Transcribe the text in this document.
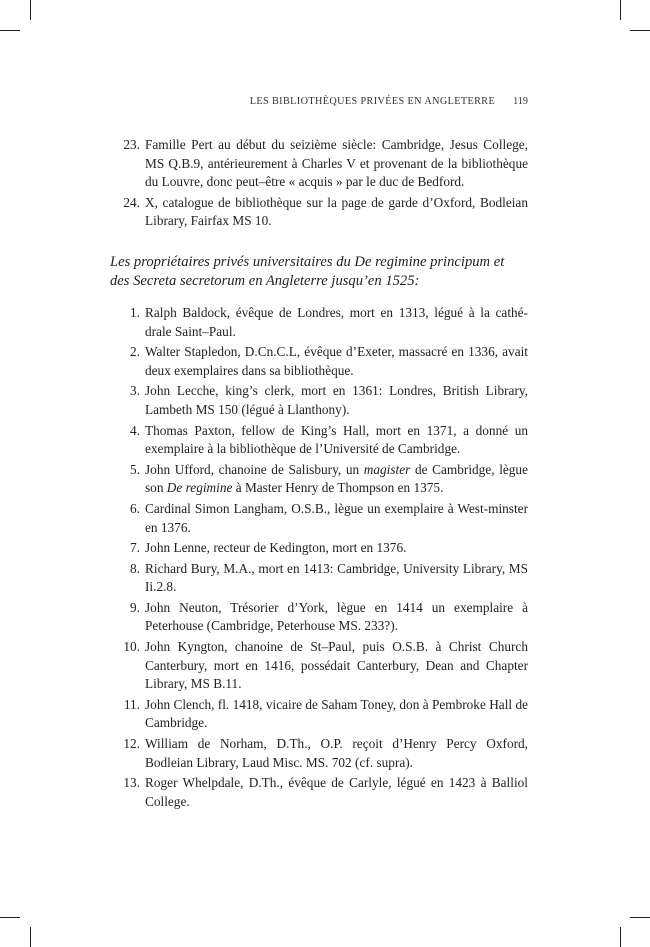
LES BIBLIOTHÈQUES PRIVÉES EN ANGLETERRE 119
23. Famille Pert au début du seizième siècle: Cambridge, Jesus College, MS Q.B.9, antérieurement à Charles V et provenant de la bibliothèque du Louvre, donc peut–être « acquis » par le duc de Bedford.
24. X, catalogue de bibliothèque sur la page de garde d’Oxford, Bodleian Library, Fairfax MS 10.

Les propriétaires privés universitaires du De regimine principum et des Secreta secretorum en Angleterre jusqu’en 1525:

1. Ralph Baldock, évêque de Londres, mort en 1313, légué à la cathé-drale Saint–Paul.
2. Walter Stapledon, D.Cn.C.L, évêque d’Exeter, massacré en 1336, avait deux exemplaires dans sa bibliothèque.
3. John Lecche, king’s clerk, mort en 1361: Londres, British Library, Lambeth MS 150 (légué à Llanthony).
4. Thomas Paxton, fellow de King’s Hall, mort en 1371, a donné un exemplaire à la bibliothèque de l’Université de Cambridge.
5. John Ufford, chanoine de Salisbury, un magister de Cambridge, lègue son De regimine à Master Henry de Thompson en 1375.
6. Cardinal Simon Langham, O.S.B., lègue un exemplaire à West-minster en 1376.
7. John Lenne, recteur de Kedington, mort en 1376.
8. Richard Bury, M.A., mort en 1413: Cambridge, University Library, MS Ii.2.8.
9. John Neuton, Trésorier d’York, lègue en 1414 un exemplaire à Peterhouse (Cambridge, Peterhouse MS. 233?).
10. John Kyngton, chanoine de St–Paul, puis O.S.B. à Christ Church Canterbury, mort en 1416, possédait Canterbury, Dean and Chapter Library, MS B.11.
11. John Clench, fl. 1418, vicaire de Saham Toney, don à Pembroke Hall de Cambridge.
12. William de Norham, D.Th., O.P. reçoit d’Henry Percy Oxford, Bodleian Library, Laud Misc. MS. 702 (cf. supra).
13. Roger Whelpdale, D.Th., évêque de Carlyle, légué en 1423 à Balliol College.
